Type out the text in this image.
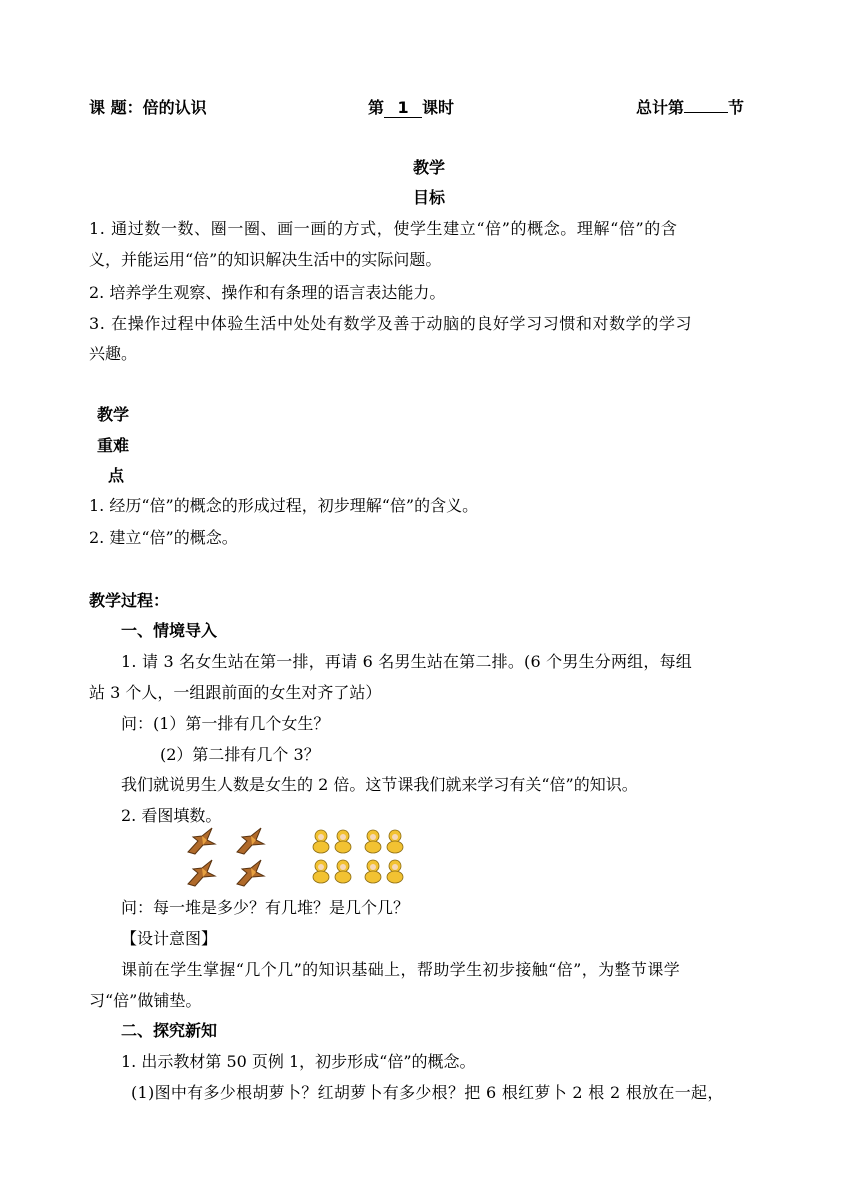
课 题：倍的认识	第 1 课时	总计第	节
教学
目标
1. 通过数一数、圈一圈、画一画的方式，使学生建立“倍”的概念。理解“倍”的含
义，并能运用“倍”的知识解决生活中的实际问题。
2. 培养学生观察、操作和有条理的语言表达能力。
3. 在操作过程中体验生活中处处有数学及善于动脑的良好学习习惯和对数学的学习
兴趣。
教学
重难
点
1. 经历“倍”的概念的形成过程，初步理解“倍”的含义。
2. 建立“倍”的概念。
教学过程：
一、情境导入
1. 请 3 名女生站在第一排，再请 6 名男生站在第二排。(6 个男生分两组，每组
站 3 个人，一组跟前面的女生对齐了站）
问：(1）第一排有几个女生？
(2）第二排有几个 3？
我们就说男生人数是女生的 2 倍。这节课我们就来学习有关“倍”的知识。
2. 看图填数。
问：每一堆是多少？有几堆？是几个几？
【设计意图】
课前在学生掌握“几个几”的知识基础上，帮助学生初步接触“倍”，为整节课学
习“倍”做铺垫。
二、探究新知
1. 出示教材第 50 页例 1，初步形成“倍”的概念。
(1)图中有多少根胡萝卜？红胡萝卜有多少根？把 6 根红萝卜 2 根 2 根放在一起，
